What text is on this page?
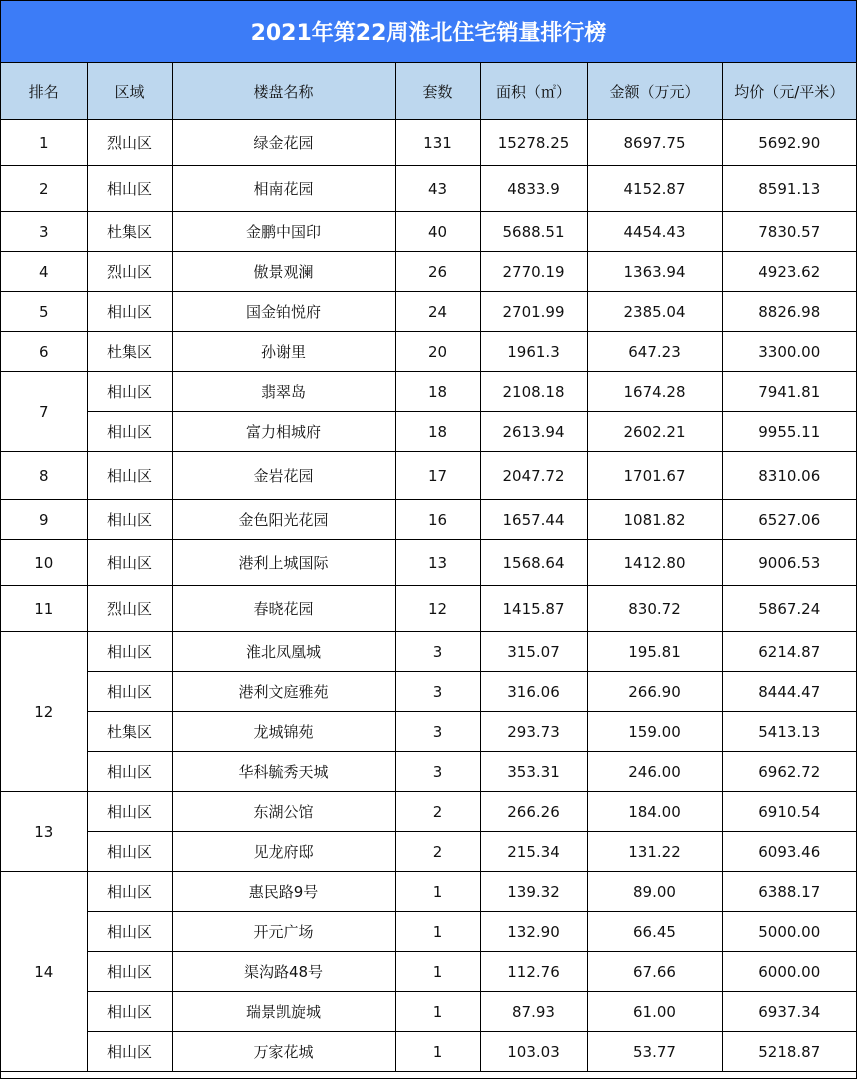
2021年第22周淮北住宅销量排行榜
排名	区域	楼盘名称	套数	面积（㎡）	金额（万元）	均价（元/平米）
1	烈山区	绿金花园	131	15278.25	8697.75	5692.90
2	相山区	相南花园	43	4833.9	4152.87	8591.13
3	杜集区	金鹏中国印	40	5688.51	4454.43	7830.57
4	烈山区	傲景观澜	26	2770.19	1363.94	4923.62
5	相山区	国金铂悦府	24	2701.99	2385.04	8826.98
6	杜集区	孙谢里	20	1961.3	647.23	3300.00
7	相山区	翡翠岛	18	2108.18	1674.28	7941.81
	相山区	富力相城府	18	2613.94	2602.21	9955.11
8	相山区	金岩花园	17	2047.72	1701.67	8310.06
9	相山区	金色阳光花园	16	1657.44	1081.82	6527.06
10	相山区	港利上城国际	13	1568.64	1412.80	9006.53
11	烈山区	春晓花园	12	1415.87	830.72	5867.24
12	相山区	淮北凤凰城	3	315.07	195.81	6214.87
	相山区	港利文庭雅苑	3	316.06	266.90	8444.47
	杜集区	龙城锦苑	3	293.73	159.00	5413.13
	相山区	华科毓秀天城	3	353.31	246.00	6962.72
13	相山区	东湖公馆	2	266.26	184.00	6910.54
	相山区	见龙府邸	2	215.34	131.22	6093.46
14	相山区	惠民路9号	1	139.32	89.00	6388.17
	相山区	开元广场	1	132.90	66.45	5000.00
	相山区	渠沟路48号	1	112.76	67.66	6000.00
	相山区	瑞景凯旋城	1	87.93	61.00	6937.34
	相山区	万家花城	1	103.03	53.77	5218.87
